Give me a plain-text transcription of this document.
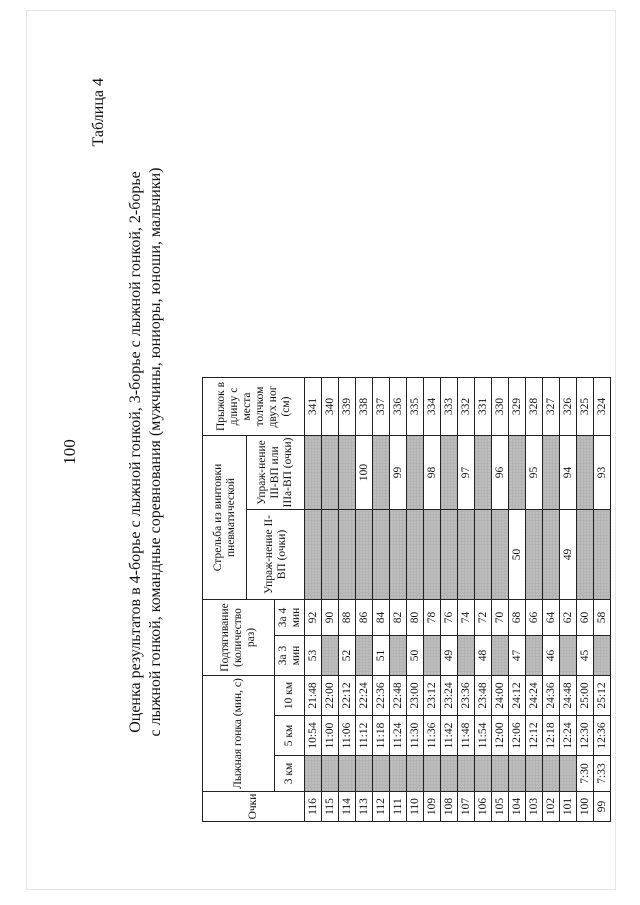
100
Таблица 4
Оценка результатов в 4-борье с лыжной гонкой, 3-борье с лыжной гонкой, 2-борье с лыжной гонкой, командные соревнования (мужчины, юниоры, юноши, мальчики)
Очки	Лыжная гонка (мин, с)			Подтягивание (количество раз)		Стрельба из винтовки пневматической		Прыжок в длину с места толчком двух ног (см)
						Упраж-нение II-ВП (очки)	Упраж-нение III-ВП или IIIа-ВП (очки)	
	3 км	5 км	10 км	За 3 мин	За 4 мин			
116		10:54	21:48	53	92			341
115		11:00	22:00		90			340
114		11:06	22:12	52	88			339
113		11:12	22:24		86		100	338
112		11:18	22:36	51	84			337
111		11:24	22:48		82		99	336
110		11:30	23:00	50	80			335
109		11:36	23:12		78		98	334
108		11:42	23:24	49	76			333
107		11:48	23:36		74		97	332
106		11:54	23:48	48	72			331
105		12:00	24:00		70		96	330
104		12:06	24:12	47	68	50		329
103		12:12	24:24		66		95	328
102		12:18	24:36	46	64			327
101		12:24	24:48		62	49	94	326
100	7:30	12:30	25:00	45	60			325
99	7:33	12:36	25:12		58		93	324
